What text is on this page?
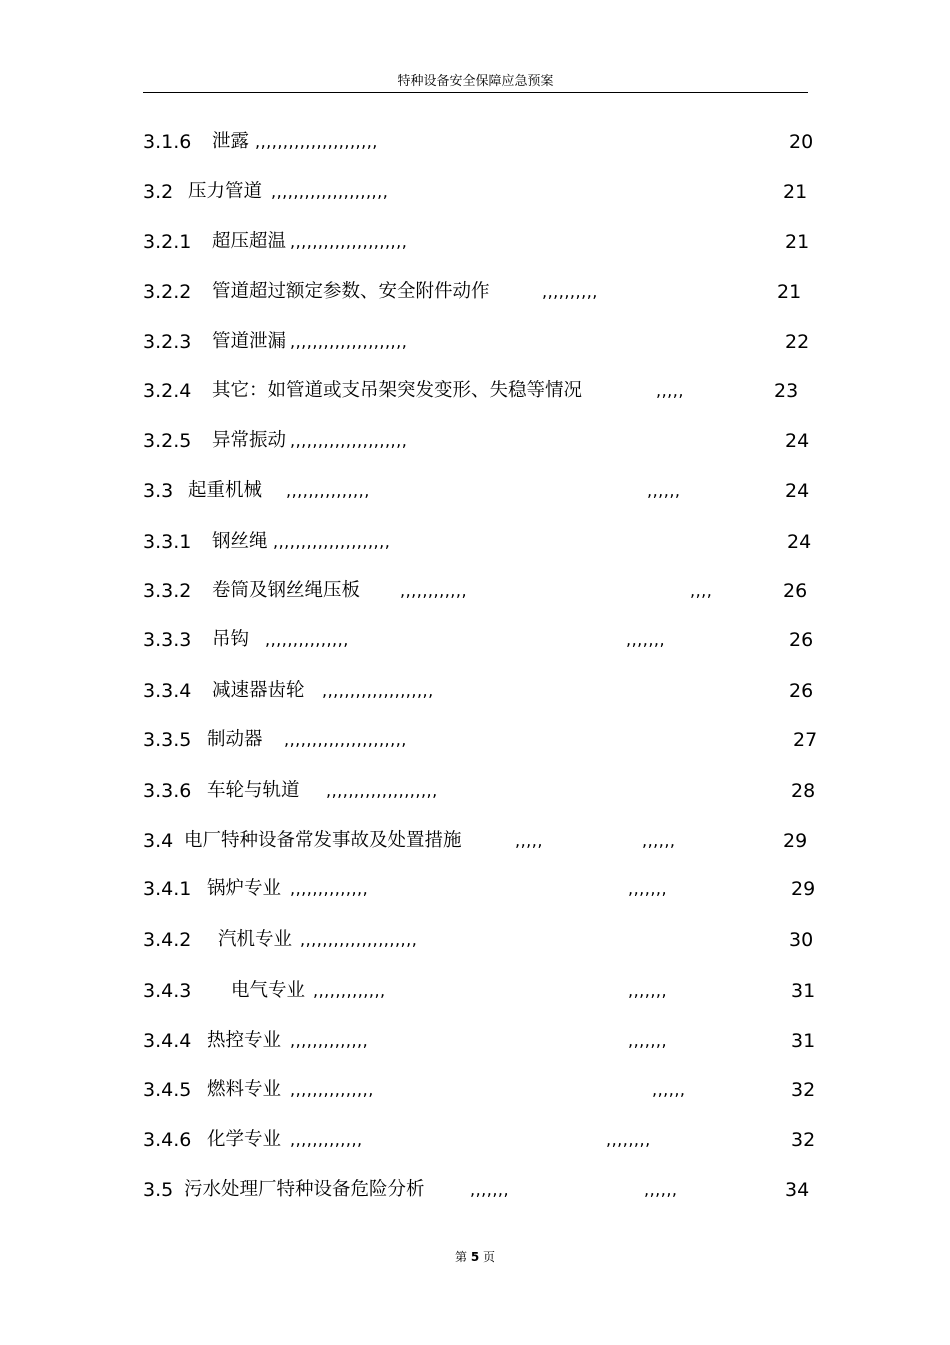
特种设备安全保障应急预案
3.1.6 泄露 ,,,,,,,,,,,,,,,,,,,,,,	20
3.2 压力管道 ,,,,,,,,,,,,,,,,,,,,,	21
3.2.1 超压超温 ,,,,,,,,,,,,,,,,,,,,,	21
3.2.2 管道超过额定参数、安全附件动作	,,,,,,,,,,	21
3.2.3 管道泄漏 ,,,,,,,,,,,,,,,,,,,,,	22
3.2.4 其它：如管道或支吊架突发变形、失稳等情况	,,,,,	23
3.2.5 异常振动 ,,,,,,,,,,,,,,,,,,,,,	24
3.3 起重机械 ,,,,,,,,,,,,,,,	,,,,,,	24
3.3.1 钢丝绳 ,,,,,,,,,,,,,,,,,,,,,	24
3.3.2 卷筒及钢丝绳压板 ,,,,,,,,,,,,	,,,,	26
3.3.3 吊钩 ,,,,,,,,,,,,,,,	,,,,,,,	26
3.3.4 减速器齿轮 ,,,,,,,,,,,,,,,,,,,,	26
3.3.5 制动器 ,,,,,,,,,,,,,,,,,,,,,,	27
3.3.6 车轮与轨道 ,,,,,,,,,,,,,,,,,,,,	28
3.4 电厂特种设备常发事故及处置措施	,,,,,	,,,,,,	29
3.4.1 锅炉专业 ,,,,,,,,,,,,,,	,,,,,,,	29
3.4.2 汽机专业 ,,,,,,,,,,,,,,,,,,,,,	30
3.4.3 电气专业 ,,,,,,,,,,,,,	,,,,,,,	31
3.4.4 热控专业 ,,,,,,,,,,,,,,	,,,,,,,	31
3.4.5 燃料专业 ,,,,,,,,,,,,,,,	,,,,,,	32
3.4.6 化学专业 ,,,,,,,,,,,,,	,,,,,,,,	32
3.5 污水处理厂特种设备危险分析	,,,,,,,	,,,,,,	34
第 5 页
